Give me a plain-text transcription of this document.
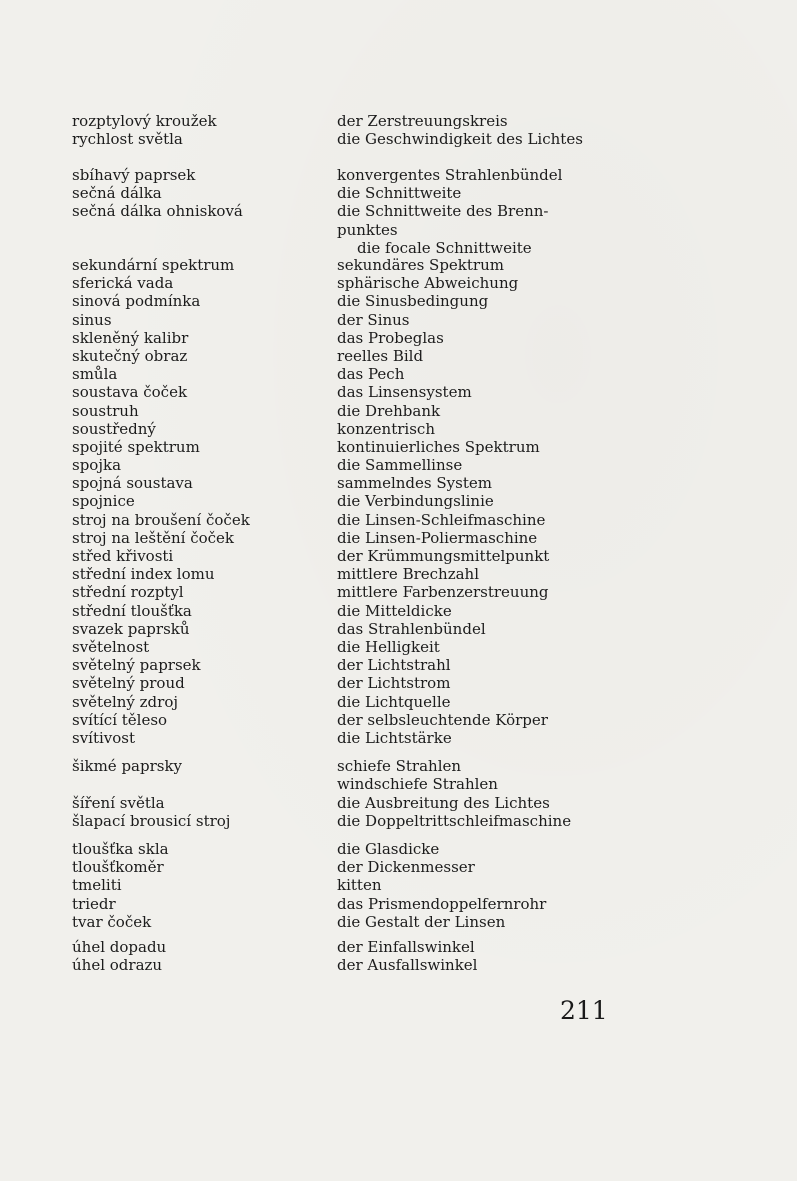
rozptylový kroužek	der Zerstreuungskreis
rychlost světla	die Geschwindigkeit des Lichtes
sbíhavý paprsek	konvergentes Strahlenbündel
sečná dálka	die Schnittweite
sečná dálka ohnisková	die Schnittweite des Brenn-
punktes
die focale Schnittweite
sekundární spektrum	sekundäres Spektrum
sferická vada	sphärische Abweichung
sinová podmínka	die Sinusbedingung
sinus	der Sinus
skleněný kalibr	das Probeglas
skutečný obraz	reelles Bild
smůla	das Pech
soustava čoček	das Linsensystem
soustruh	die Drehbank
soustředný	konzentrisch
spojité spektrum	kontinuierliches Spektrum
spojka	die Sammellinse
spojná soustava	sammelndes System
spojnice	die Verbindungslinie
stroj na broušení čoček	die Linsen-Schleifmaschine
stroj na leštění čoček	die Linsen-Poliermaschine
střed křivosti	der Krümmungsmittelpunkt
střední index lomu	mittlere Brechzahl
střední rozptyl	mittlere Farbenzerstreuung
střední tloušťka	die Mitteldicke
svazek paprsků	das Strahlenbündel
světelnost	die Helligkeit
světelný paprsek	der Lichtstrahl
světelný proud	der Lichtstrom
světelný zdroj	die Lichtquelle
svítící těleso	der selbsleuchtende Körper
svítivost	die Lichtstärke
šikmé paprsky	schiefe Strahlen
windschiefe Strahlen
šíření světla	die Ausbreitung des Lichtes
šlapací brousicí stroj	die Doppeltrittschleifmaschine
tloušťka skla	die Glasdicke
tloušťkoměr	der Dickenmesser
tmeliti	kitten
triedr	das Prismendoppelfernrohr
tvar čoček	die Gestalt der Linsen
úhel dopadu	der Einfallswinkel
úhel odrazu	der Ausfallswinkel
211
